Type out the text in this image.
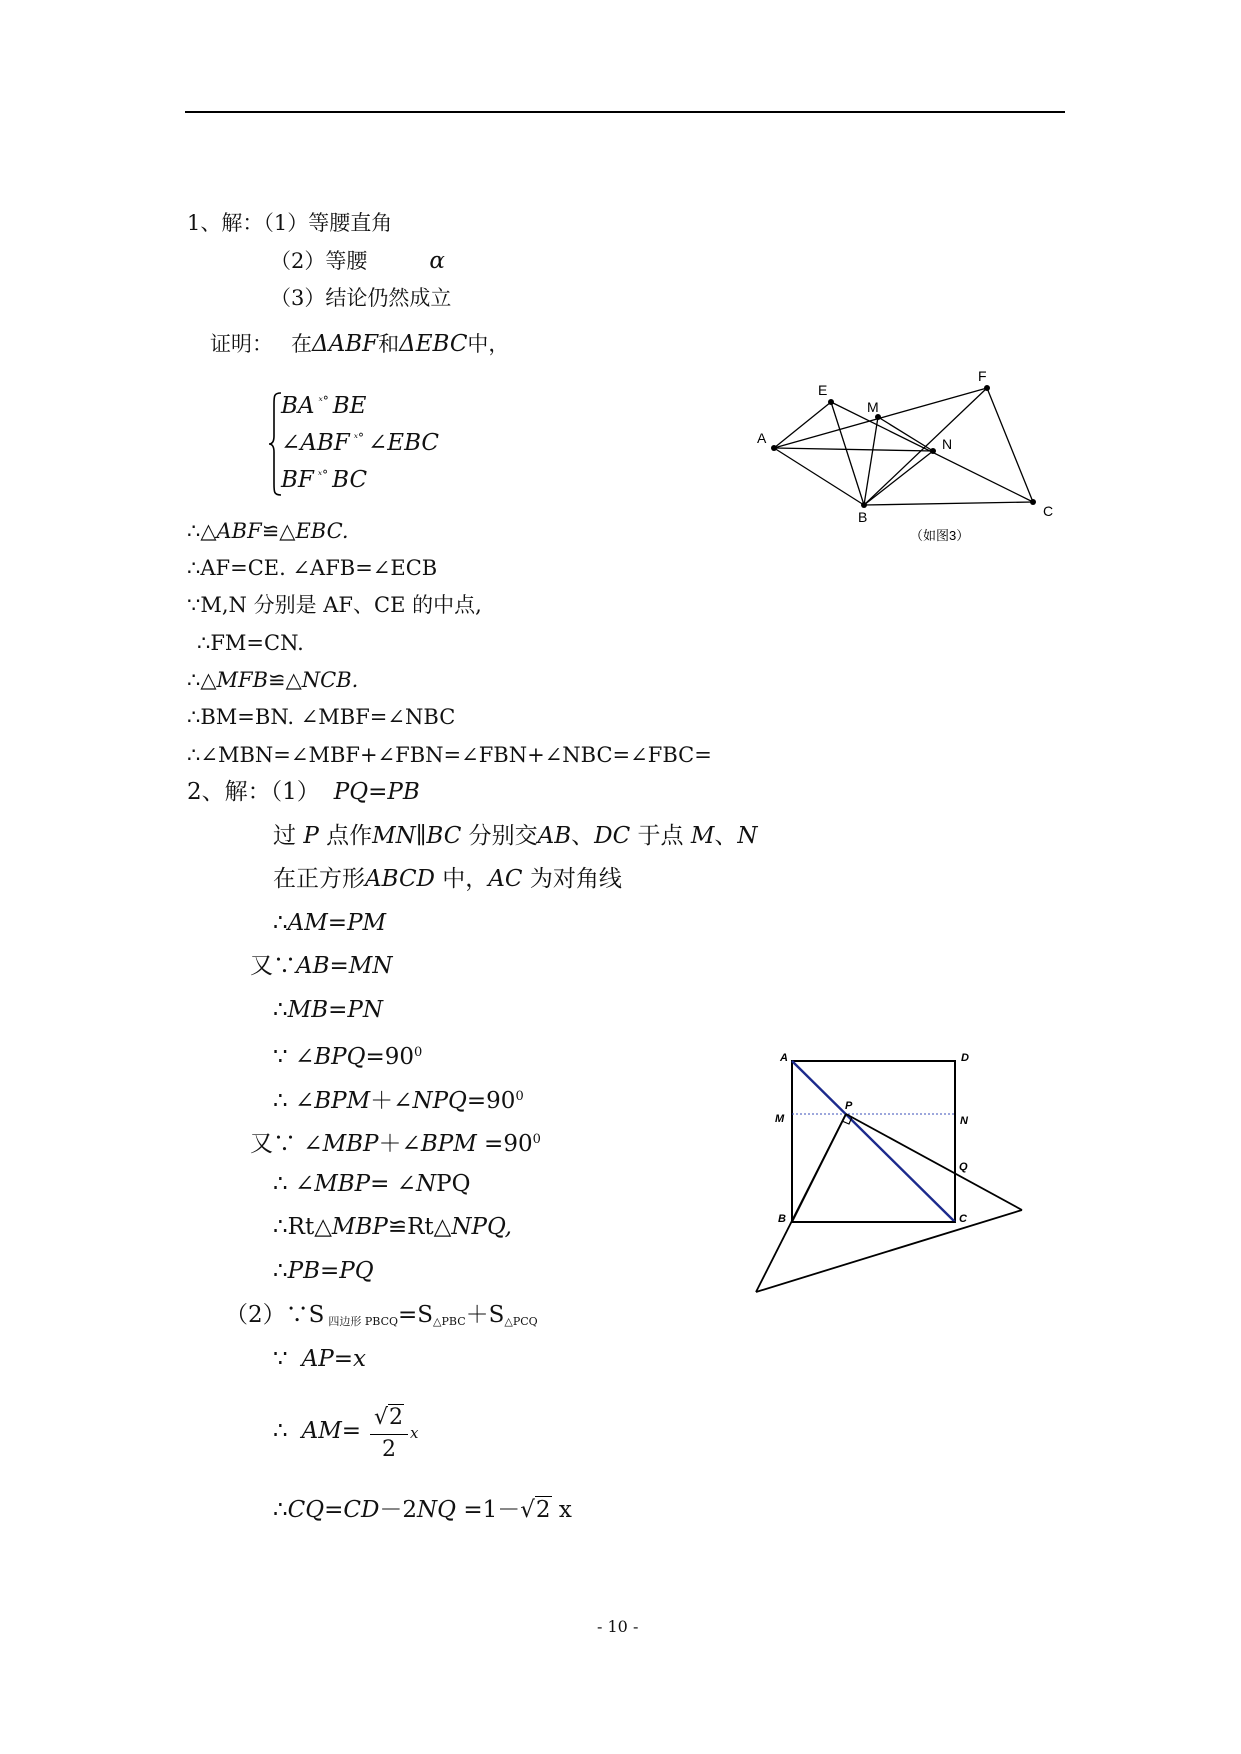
1、解：（1）等腰直角
（2）等腰	α
（3）结论仍然成立
证明： 在ΔABF和ΔEBC中，
BA $^{ˣ^\circ}$ BE
∠ABF $^{ˣ^\circ}$ ∠EBC
BF $^{ˣ^\circ}$ BC
∴△ABF≌△EBC.
∴AF=CE. ∠AFB=∠ECB
∵M,N 分别是 AF、CE 的中点,
∴FM=CN.
∴△MFB≌△NCB.
∴BM=BN. ∠MBF=∠NBC
∴∠MBN=∠MBF+∠FBN=∠FBN+∠NBC=∠FBC=
A
E
M
F
N
B	C
（如图3）
2、解：（1） PQ=PB
过 P 点作MN∥BC 分别交AB、DC 于点 M、N
在正方形ABCD 中，AC 为对角线
∴AM=PM
又∵AB=MN
∴MB=PN
∵ $\angle BPQ=90^0$
∴ $\angle BPM+\angle NPQ=90^0$
又∵ ∠MBP＋∠BPM $=90^0$
∴ ∠MBP= ∠NPQ
∴Rt△MBP≌Rt△NPQ,
∴PB=PQ
（2）∵S $_{四边形 PBCQ}=S_{\triangle PBC}+S_{\triangle PCQ}$
∵ AP=x
∴ AM=
√2
2
x
∴CQ=CD－2NQ =1－√2 x
A	D
M
P
N
Q
B	C
- 10 -
